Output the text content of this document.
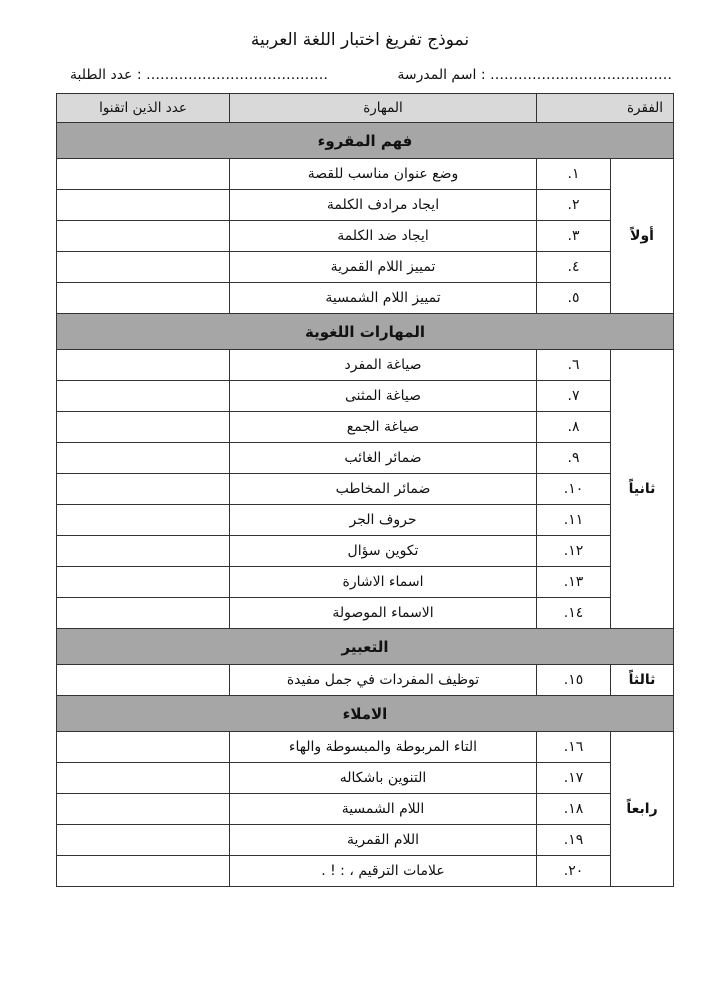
نموذج تفريغ اختبار اللغة العربية
اسم المدرسة : …………………………………
عدد الطلبة : …………………………………
الفقرة		المهارة	عدد الذين اتقنوا
فهم المقروء			
أولاً	١.	وضع عنوان مناسب للقصة	
	٢.	ايجاد مرادف الكلمة	
	٣.	ايجاد ضد الكلمة	
	٤.	تمييز اللام القمرية	
	٥.	تمييز اللام الشمسية	
المهارات اللغوية			
ثانياً	٦.	صياغة المفرد	
	٧.	صياغة المثنى	
	٨.	صياغة الجمع	
	٩.	ضمائر الغائب	
	١٠.	ضمائر المخاطب	
	١١.	حروف الجر	
	١٢.	تكوين سؤال	
	١٣.	اسماء الاشارة	
	١٤.	الاسماء الموصولة	
التعبير			
ثالثاً	١٥.	توظيف المفردات في جمل مفيدة	
الاملاء			
رابعاً	١٦.	التاء المربوطة والمبسوطة والهاء	
	١٧.	التنوين باشكاله	
	١٨.	اللام الشمسية	
	١٩.	اللام القمرية	
	٢٠.	علامات الترقيم ، : ! .	
